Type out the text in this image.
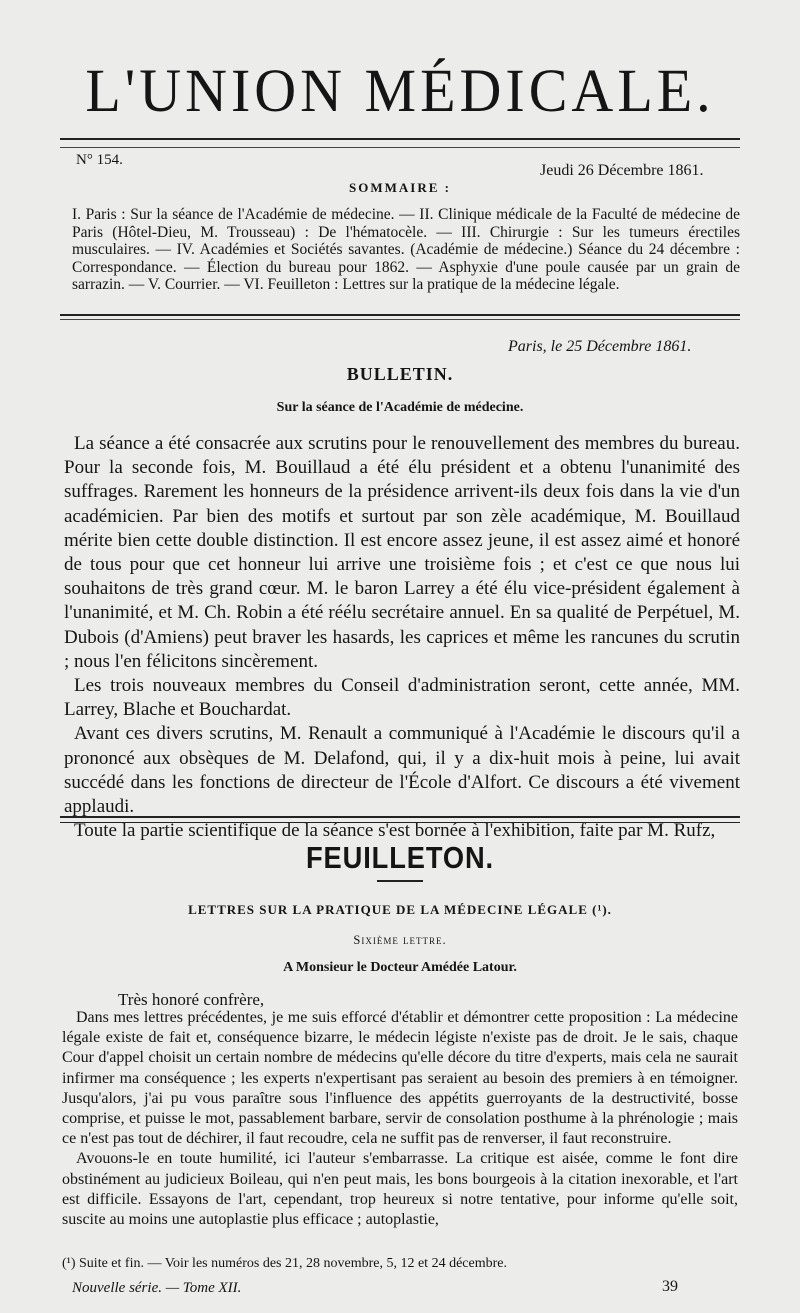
L'UNION MÉDICALE.
N° 154.
Jeudi 26 Décembre 1861.
SOMMAIRE :
I. Paris : Sur la séance de l'Académie de médecine. — II. Clinique médicale de la Faculté de médecine de Paris (Hôtel-Dieu, M. Trousseau) : De l'hématocèle. — III. Chirurgie : Sur les tumeurs érectiles musculaires. — IV. Académies et Sociétés savantes. (Académie de médecine.) Séance du 24 décembre : Correspondance. — Élection du bureau pour 1862. — Asphyxie d'une poule causée par un grain de sarrazin. — V. Courrier. — VI. Feuilleton : Lettres sur la pratique de la médecine légale.
Paris, le 25 Décembre 1861.
BULLETIN.
Sur la séance de l'Académie de médecine.

La séance a été consacrée aux scrutins pour le renouvellement des membres du bureau. Pour la seconde fois, M. Bouillaud a été élu président et a obtenu l'unanimité des suffrages. Rarement les honneurs de la présidence arrivent-ils deux fois dans la vie d'un académicien. Par bien des motifs et surtout par son zèle académique, M. Bouillaud mérite bien cette double distinction. Il est encore assez jeune, il est assez aimé et honoré de tous pour que cet honneur lui arrive une troisième fois ; et c'est ce que nous lui souhaitons de très grand cœur. M. le baron Larrey a été élu vice-président également à l'unanimité, et M. Ch. Robin a été réélu secrétaire annuel. En sa qualité de Perpétuel, M. Dubois (d'Amiens) peut braver les hasards, les caprices et même les rancunes du scrutin ; nous l'en félicitons sincèrement.

Les trois nouveaux membres du Conseil d'administration seront, cette année, MM. Larrey, Blache et Bouchardat.

Avant ces divers scrutins, M. Renault a communiqué à l'Académie le discours qu'il a prononcé aux obsèques de M. Delafond, qui, il y a dix-huit mois à peine, lui avait succédé dans les fonctions de directeur de l'École d'Alfort. Ce discours a été vivement applaudi.

Toute la partie scientifique de la séance s'est bornée à l'exhibition, faite par M. Rufz,

FEUILLETON.
LETTRES SUR LA PRATIQUE DE LA MÉDECINE LÉGALE (¹).
Sixième lettre.
A Monsieur le Docteur Amédée Latour.
Très honoré confrère,

Dans mes lettres précédentes, je me suis efforcé d'établir et démontrer cette proposition : La médecine légale existe de fait et, conséquence bizarre, le médecin légiste n'existe pas de droit. Je le sais, chaque Cour d'appel choisit un certain nombre de médecins qu'elle décore du titre d'experts, mais cela ne saurait infirmer ma conséquence ; les experts n'expertisant pas seraient au besoin des premiers à en témoigner. Jusqu'alors, j'ai pu vous paraître sous l'influence des appétits guerroyants de la destructivité, bosse comprise, et puisse le mot, passablement barbare, servir de consolation posthume à la phrénologie ; mais ce n'est pas tout de déchirer, il faut recoudre, cela ne suffit pas de renverser, il faut reconstruire.

Avouons-le en toute humilité, ici l'auteur s'embarrasse. La critique est aisée, comme le font dire obstinément au judicieux Boileau, qui n'en peut mais, les bons bourgeois à la citation inexorable, et l'art est difficile. Essayons de l'art, cependant, trop heureux si notre tentative, pour informe qu'elle soit, suscite au moins une autoplastie plus efficace ; autoplastie,

(¹) Suite et fin. — Voir les numéros des 21, 28 novembre, 5, 12 et 24 décembre.
Nouvelle série. — Tome XII.	39
